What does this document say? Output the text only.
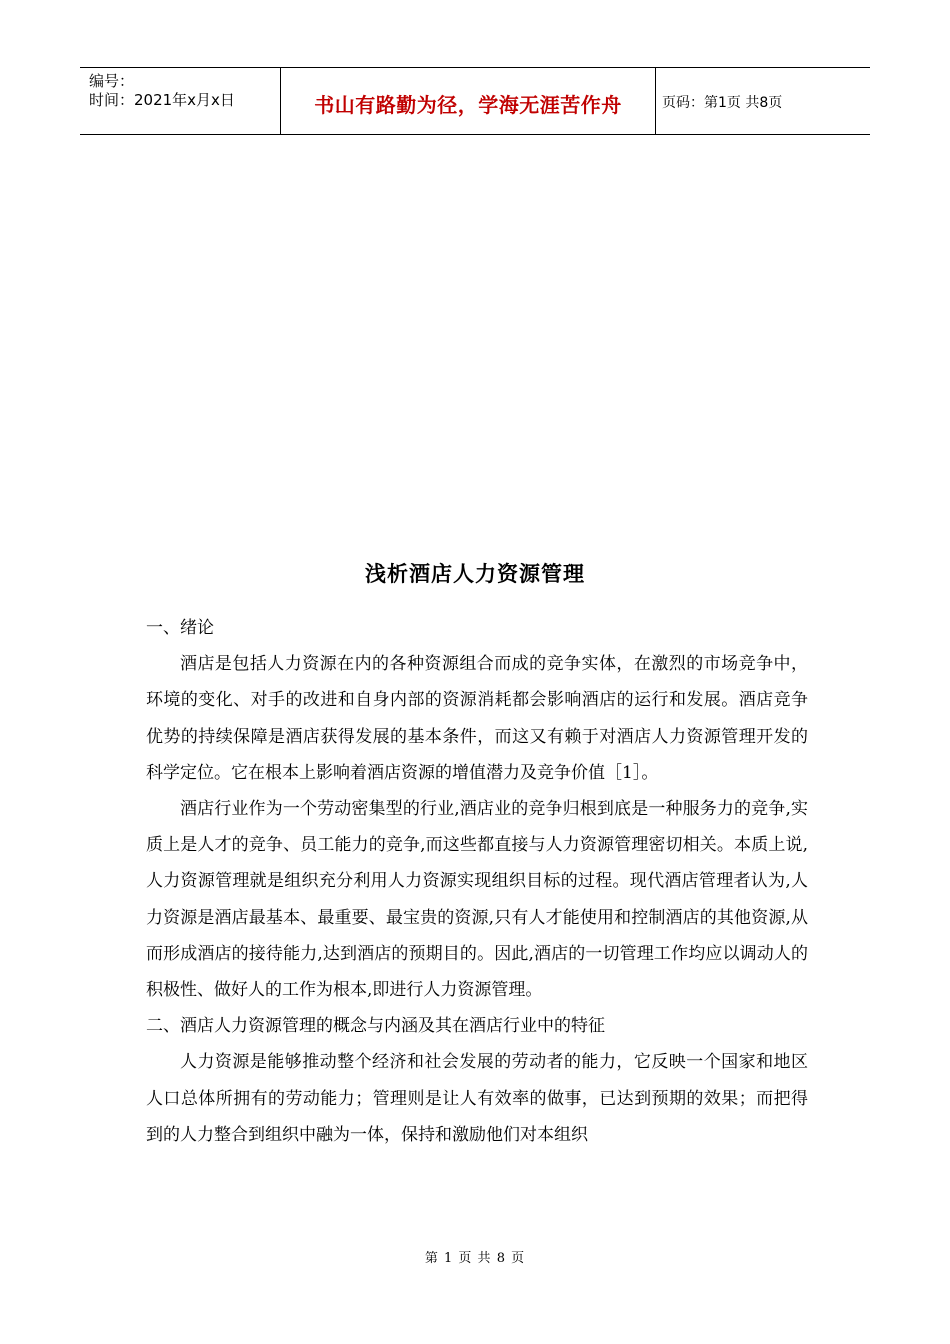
编号：
时间：2021年x月x日	书山有路勤为径，学海无涯苦作舟	页码：第1页 共8页
浅析酒店人力资源管理

一、绪论

酒店是包括人力资源在内的各种资源组合而成的竞争实体，在激烈的市场竞争中，环境的变化、对手的改进和自身内部的资源消耗都会影响酒店的运行和发展。酒店竞争优势的持续保障是酒店获得发展的基本条件，而这又有赖于对酒店人力资源管理开发的科学定位。它在根本上影响着酒店资源的增值潜力及竞争价值［1］。

酒店行业作为一个劳动密集型的行业,酒店业的竞争归根到底是一种服务力的竞争,实质上是人才的竞争、员工能力的竞争,而这些都直接与人力资源管理密切相关。本质上说,人力资源管理就是组织充分利用人力资源实现组织目标的过程。现代酒店管理者认为,人力资源是酒店最基本、最重要、最宝贵的资源,只有人才能使用和控制酒店的其他资源,从而形成酒店的接待能力,达到酒店的预期目的。因此,酒店的一切管理工作均应以调动人的积极性、做好人的工作为根本,即进行人力资源管理。

二、酒店人力资源管理的概念与内涵及其在酒店行业中的特征

人力资源是能够推动整个经济和社会发展的劳动者的能力，它反映一个国家和地区人口总体所拥有的劳动能力；管理则是让人有效率的做事，已达到预期的效果；而把得到的人力整合到组织中融为一体，保持和激励他们对本组织

第 1 页 共 8 页
